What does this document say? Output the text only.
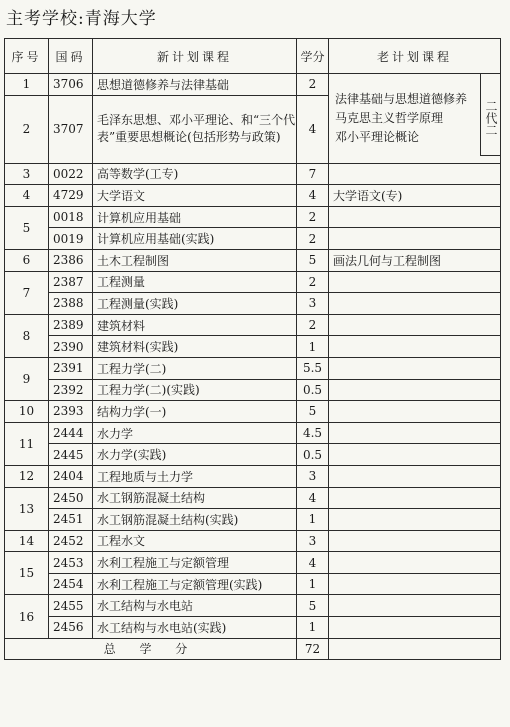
主考学校:青海大学
序号	国码	新计划课程	学分	老计划课程
1	3706	思想道德修养与法律基础	2	法律基础与思想道德修养
马克思主义哲学原理
邓小平理论概论
二代二

2	3707	毛泽东思想、邓小平理论、和“三个代表”重要思想概论(包括形势与政策)	4	
3	0022	高等数学(工专)	7	
4	4729	大学语文	4	大学语文(专)
5	0018	计算机应用基础	2	
	0019	计算机应用基础(实践)	2	
6	2386	土木工程制图	5	画法几何与工程制图
7	2387	工程测量	2	
	2388	工程测量(实践)	3	
8	2389	建筑材料	2	
	2390	建筑材料(实践)	1	
9	2391	工程力学(二)	5.5	
	2392	工程力学(二)(实践)	0.5	
10	2393	结构力学(一)	5	
11	2444	水力学	4.5	
	2445	水力学(实践)	0.5	
12	2404	工程地质与土力学	3	
13	2450	水工钢筋混凝土结构	4	
	2451	水工钢筋混凝土结构(实践)	1	
14	2452	工程水文	3	
15	2453	水利工程施工与定额管理	4	
	2454	水利工程施工与定额管理(实践)	1	
16	2455	水工结构与水电站	5	
	2456	水工结构与水电站(实践)	1	
总 学 分			72	
